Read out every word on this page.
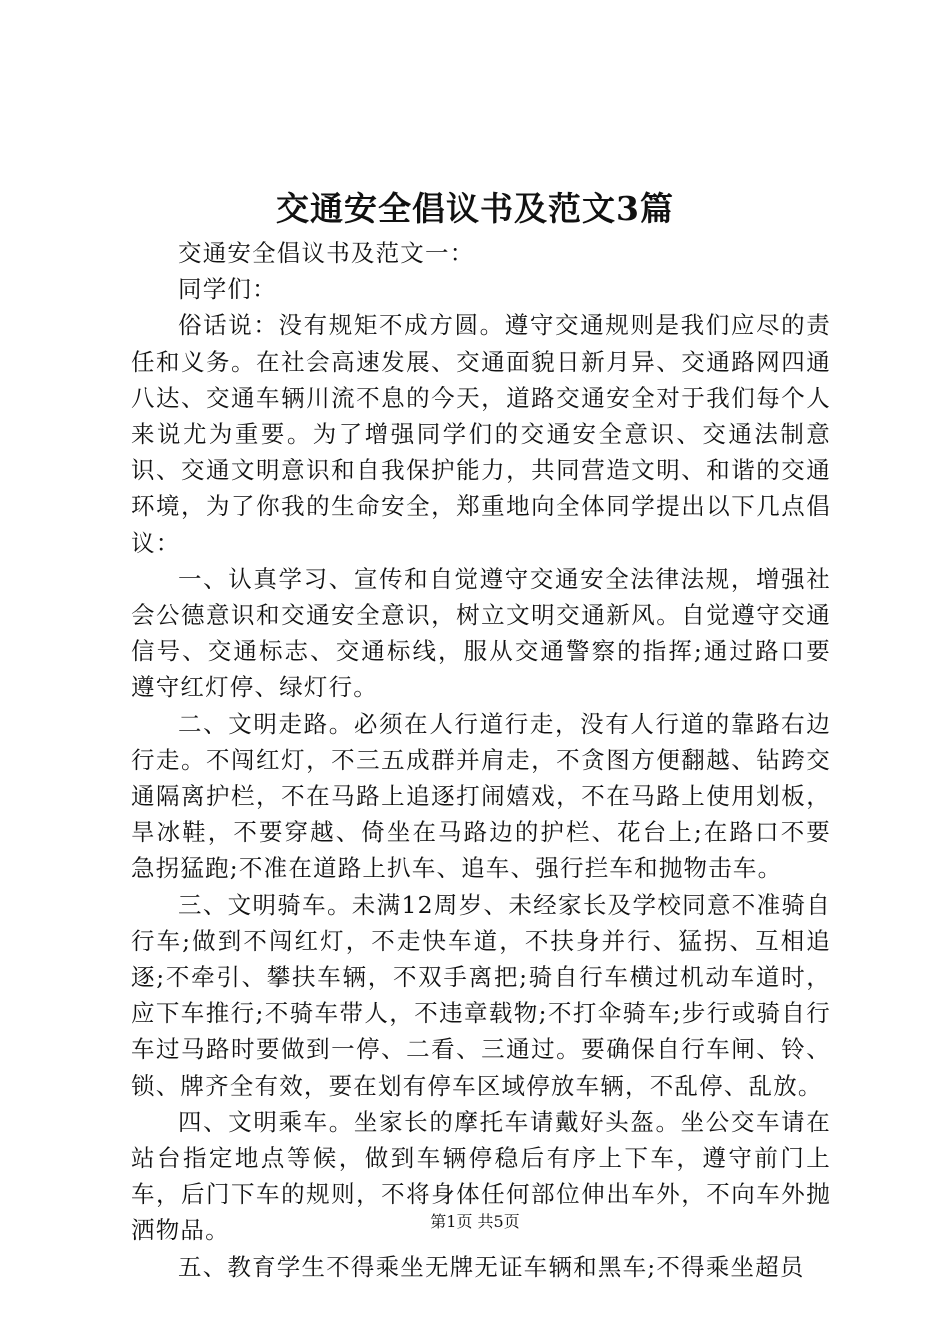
交通安全倡议书及范文3篇

交通安全倡议书及范文一：

同学们：

俗话说：没有规矩不成方圆。遵守交通规则是我们应尽的责任和义务。在社会高速发展、交通面貌日新月异、交通路网四通八达、交通车辆川流不息的今天，道路交通安全对于我们每个人来说尤为重要。为了增强同学们的交通安全意识、交通法制意识、交通文明意识和自我保护能力，共同营造文明、和谐的交通环境，为了你我的生命安全，郑重地向全体同学提出以下几点倡议：

一、认真学习、宣传和自觉遵守交通安全法律法规，增强社会公德意识和交通安全意识，树立文明交通新风。自觉遵守交通信号、交通标志、交通标线，服从交通警察的指挥;通过路口要遵守红灯停、绿灯行。

二、文明走路。必须在人行道行走，没有人行道的靠路右边行走。不闯红灯，不三五成群并肩走，不贪图方便翻越、钻跨交通隔离护栏，不在马路上追逐打闹嬉戏，不在马路上使用划板，旱冰鞋，不要穿越、倚坐在马路边的护栏、花台上;在路口不要急拐猛跑;不准在道路上扒车、追车、强行拦车和抛物击车。

三、文明骑车。未满12周岁、未经家长及学校同意不准骑自行车;做到不闯红灯，不走快车道，不扶身并行、猛拐、互相追逐;不牵引、攀扶车辆，不双手离把;骑自行车横过机动车道时，应下车推行;不骑车带人，不违章载物;不打伞骑车;步行或骑自行车过马路时要做到一停、二看、三通过。要确保自行车闸、铃、锁、牌齐全有效，要在划有停车区域停放车辆，不乱停、乱放。

四、文明乘车。坐家长的摩托车请戴好头盔。坐公交车请在站台指定地点等候，做到车辆停稳后有序上下车，遵守前门上车，后门下车的规则，不将身体任何部位伸出车外，不向车外抛洒物品。

五、教育学生不得乘坐无牌无证车辆和黑车;不得乘坐超员

第1页 共5页
